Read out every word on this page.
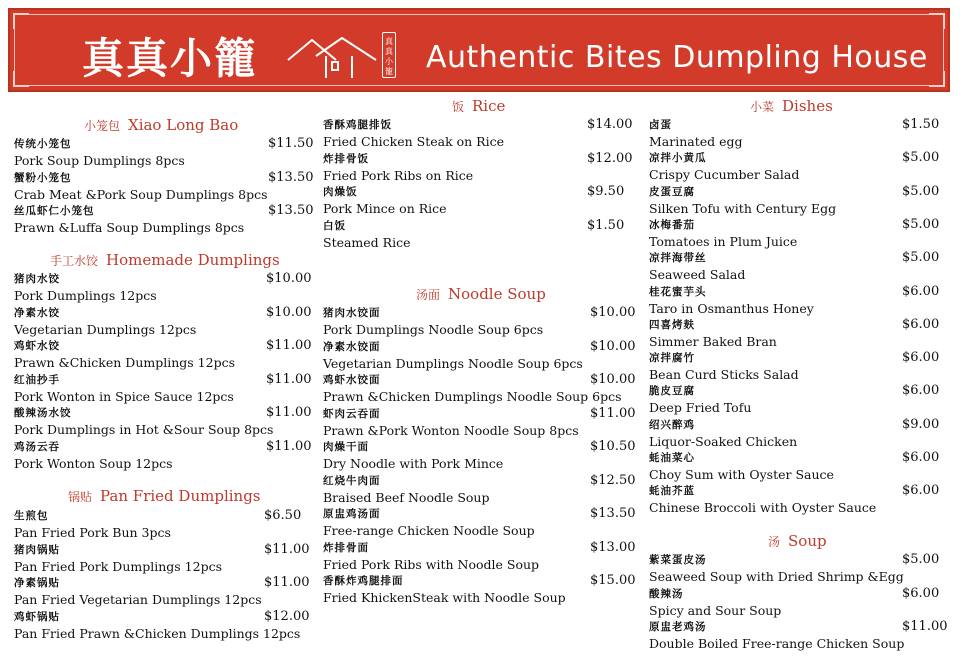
真真小籠	真
真
小
籠 Authentic Bites Dumpling House
小笼包 Xiao Long Bao
传统小笼包
Pork Soup Dumplings 8pcs
$11.50
蟹粉小笼包
Crab Meat &Pork Soup Dumplings 8pcs
$13.50
丝瓜虾仁小笼包
Prawn &Luffa Soup Dumplings 8pcs
$13.50
手工水饺 Homemade Dumplings
猪肉水饺
Pork Dumplings 12pcs
$10.00
净素水饺
Vegetarian Dumplings 12pcs
$10.00
鸡虾水饺
Prawn &Chicken Dumplings 12pcs
$11.00
红油抄手
Pork Wonton in Spice Sauce 12pcs
$11.00
酸辣汤水饺
Pork Dumplings in Hot &Sour Soup 8pcs
$11.00
鸡汤云吞
Pork Wonton Soup 12pcs
$11.00
锅贴 Pan Fried Dumplings
生煎包
Pan Fried Pork Bun 3pcs
$6.50
猪肉锅贴
Pan Fried Pork Dumplings 12pcs
$11.00
净素锅贴
Pan Fried Vegetarian Dumplings 12pcs
$11.00
鸡虾锅贴
Pan Fried Prawn &Chicken Dumplings 12pcs
$12.00
饭 Rice
香酥鸡腿排饭
Fried Chicken Steak on Rice
$14.00
炸排骨饭
Fried Pork Ribs on Rice
$12.00
肉燥饭
Pork Mince on Rice
$9.50
白饭
Steamed Rice
$1.50
汤面 Noodle Soup
猪肉水饺面
Pork Dumplings Noodle Soup 6pcs
$10.00
净素水饺面
Vegetarian Dumplings Noodle Soup 6pcs
$10.00
鸡虾水饺面
Prawn &Chicken Dumplings Noodle Soup 6pcs
$10.00
虾肉云吞面
Prawn &Pork Wonton Noodle Soup 8pcs
$11.00
肉燥干面
Dry Noodle with Pork Mince
$10.50
红烧牛肉面
Braised Beef Noodle Soup
$12.50
原盅鸡汤面
Free-range Chicken Noodle Soup
$13.50
炸排骨面
Fried Pork Ribs with Noodle Soup
$13.00
香酥炸鸡腿排面
Fried KhickenSteak with Noodle Soup
$15.00
小菜 Dishes
卤蛋
Marinated egg
$1.50
凉拌小黄瓜
Crispy Cucumber Salad
$5.00
皮蛋豆腐
Silken Tofu with Century Egg
$5.00
冰梅番茄
Tomatoes in Plum Juice
$5.00
凉拌海带丝
Seaweed Salad
$5.00
桂花蜜芋头
Taro in Osmanthus Honey
$6.00
四喜烤麸
Simmer Baked Bran
$6.00
凉拌腐竹
Bean Curd Sticks Salad
$6.00
脆皮豆腐
Deep Fried Tofu
$6.00
绍兴醉鸡
Liquor-Soaked Chicken
$9.00
蚝油菜心
Choy Sum with Oyster Sauce
$6.00
蚝油芥蓝
Chinese Broccoli with Oyster Sauce
$6.00
汤 Soup
紫菜蛋皮汤
Seaweed Soup with Dried Shrimp &Egg
$5.00
酸辣汤
Spicy and Sour Soup
$6.00
原盅老鸡汤
Double Boiled Free-range Chicken Soup
$11.00
